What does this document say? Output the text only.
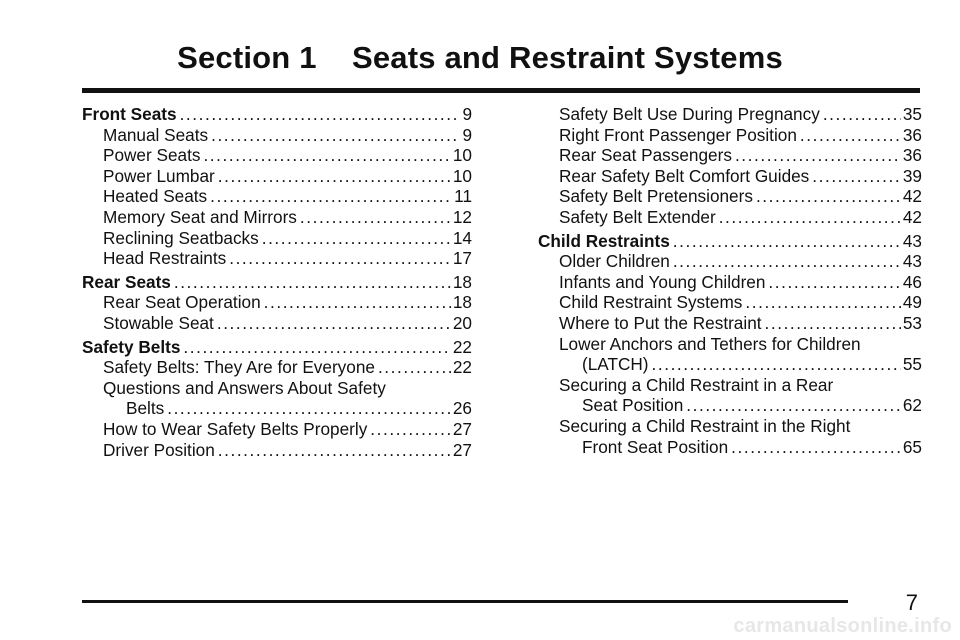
Section 1    Seats and Restraint Systems
Front Seats . . .	9
Manual Seats . . .	9
Power Seats . . .	10
Power Lumbar . . .	10
Heated Seats . . .	11
Memory Seat and Mirrors . . .	12
Reclining Seatbacks . . .	14
Head Restraints . . .	17
Rear Seats . . .	18
Rear Seat Operation . . .	18
Stowable Seat . . .	20
Safety Belts . . .	22
Safety Belts: They Are for Everyone . . .	22
Questions and Answers About Safety
Belts . . .	26
How to Wear Safety Belts Properly . . .	27
Driver Position . . .	27
Safety Belt Use During Pregnancy . . .	35
Right Front Passenger Position . . .	36
Rear Seat Passengers . . .	36
Rear Safety Belt Comfort Guides . . .	39
Safety Belt Pretensioners . . .	42
Safety Belt Extender . . .	42
Child Restraints . . .	43
Older Children . . .	43
Infants and Young Children . . .	46
Child Restraint Systems . . .	49
Where to Put the Restraint . . .	53
Lower Anchors and Tethers for Children
(LATCH) . . .	55
Securing a Child Restraint in a Rear
Seat Position . . .	62
Securing a Child Restraint in the Right
Front Seat Position . . .	65
7
carmanualsonline.info
